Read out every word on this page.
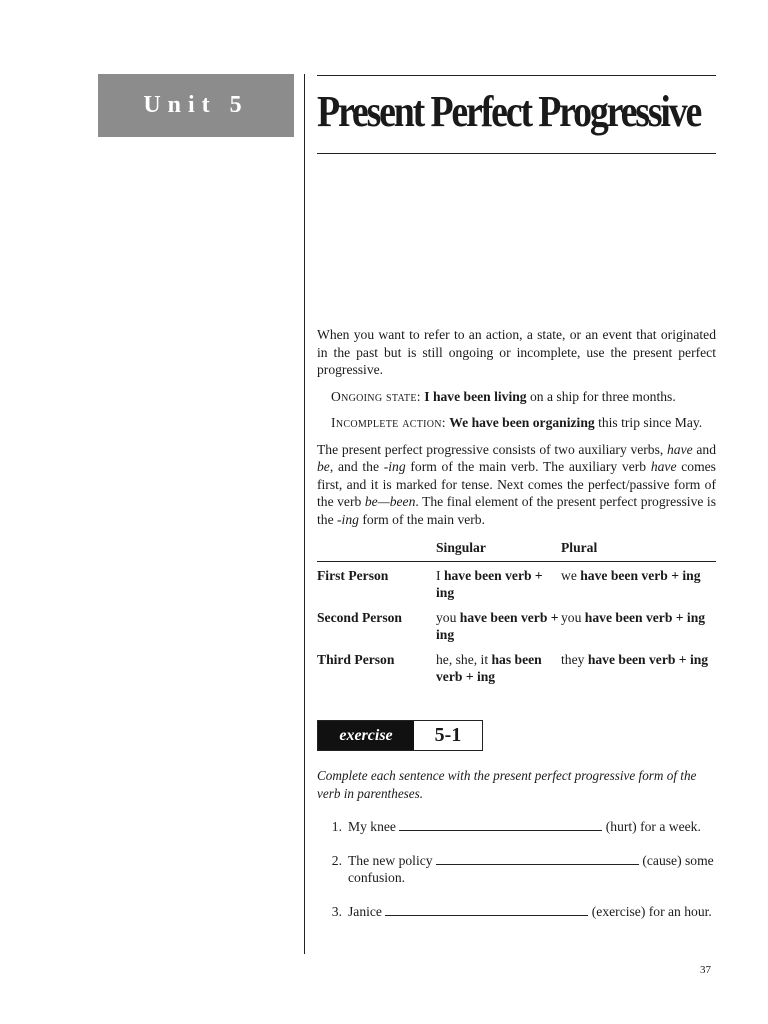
Unit 5	Present Perfect Progressive

When you want to refer to an action, a state, or an event that originated in the past but is still ongoing or incomplete, use the present perfect progressive.

Ongoing state: I have been living on a ship for three months.

Incomplete action: We have been organizing this trip since May.

The present perfect progressive consists of two auxiliary verbs, have and be, and the -ing form of the main verb. The auxiliary verb have comes first, and it is marked for tense. Next comes the perfect/passive form of the verb be—been. The final element of the present perfect progressive is the -ing form of the main verb.

	Singular	Plural
First Person	I have been verb + ing	we have been verb + ing
Second Person	you have been verb + ing	you have been verb + ing
Third Person	he, she, it has been verb + ing	they have been verb + ing
exercise	5-1
Complete each sentence with the present perfect progressive form of the verb in parentheses.
1. My knee	(hurt) for a week.
2. The new policy	(cause) some confusion.
3. Janice	(exercise) for an hour.
37
